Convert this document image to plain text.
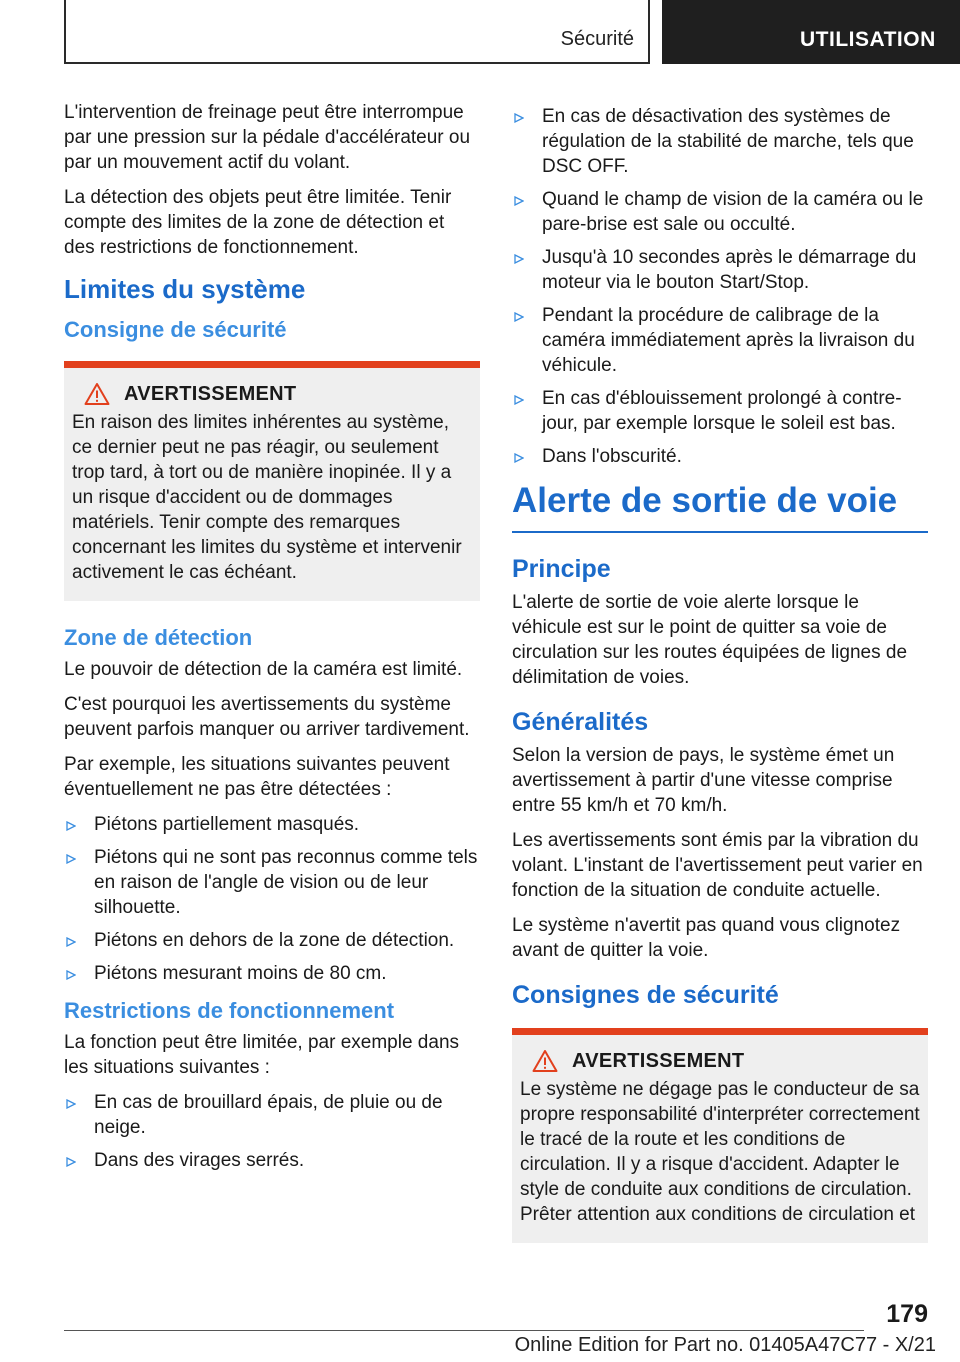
Sécurité	UTILISATION

L'intervention de freinage peut être interrompue par une pression sur la pédale d'accélérateur ou par un mouvement actif du volant.

La détection des objets peut être limitée. Tenir compte des limites de la zone de détection et des restrictions de fonctionnement.

Limites du système
Consigne de sécurité
AVERTISSEMENT

En raison des limites inhérentes au système, ce dernier peut ne pas réagir, ou seulement trop tard, à tort ou de manière inopinée. Il y a un risque d'accident ou de dommages matériels. Tenir compte des remarques concernant les limites du système et intervenir activement le cas échéant.

Zone de détection

Le pouvoir de détection de la caméra est limité.

C'est pourquoi les avertissements du système peuvent parfois manquer ou arriver tardivement.

Par exemple, les situations suivantes peuvent éventuellement ne pas être détectées :

Piétons partiellement masqués.
Piétons qui ne sont pas reconnus comme tels en raison de l'angle de vision ou de leur silhouette.
Piétons en dehors de la zone de détection.
Piétons mesurant moins de 80 cm.
Restrictions de fonctionnement

La fonction peut être limitée, par exemple dans les situations suivantes :

En cas de brouillard épais, de pluie ou de neige.
Dans des virages serrés.
En cas de désactivation des systèmes de régulation de la stabilité de marche, tels que DSC OFF.
Quand le champ de vision de la caméra ou le pare-brise est sale ou occulté.
Jusqu'à 10 secondes après le démarrage du moteur via le bouton Start/Stop.
Pendant la procédure de calibrage de la caméra immédiatement après la livraison du véhicule.
En cas d'éblouissement prolongé à contre-jour, par exemple lorsque le soleil est bas.
Dans l'obscurité.
Alerte de sortie de voie
Principe

L'alerte de sortie de voie alerte lorsque le véhicule est sur le point de quitter sa voie de circulation sur les routes équipées de lignes de délimitation de voies.

Généralités

Selon la version de pays, le système émet un avertissement à partir d'une vitesse comprise entre 55 km/h et 70 km/h.

Les avertissements sont émis par la vibration du volant. L'instant de l'avertissement peut varier en fonction de la situation de conduite actuelle.

Le système n'avertit pas quand vous clignotez avant de quitter la voie.

Consignes de sécurité
AVERTISSEMENT

Le système ne dégage pas le conducteur de sa propre responsabilité d'interpréter correctement le tracé de la route et les conditions de circulation. Il y a risque d'accident. Adapter le style de conduite aux conditions de circulation. Prêter attention aux conditions de circulation et

179
Online Edition for Part no. 01405A47C77 - X/21
